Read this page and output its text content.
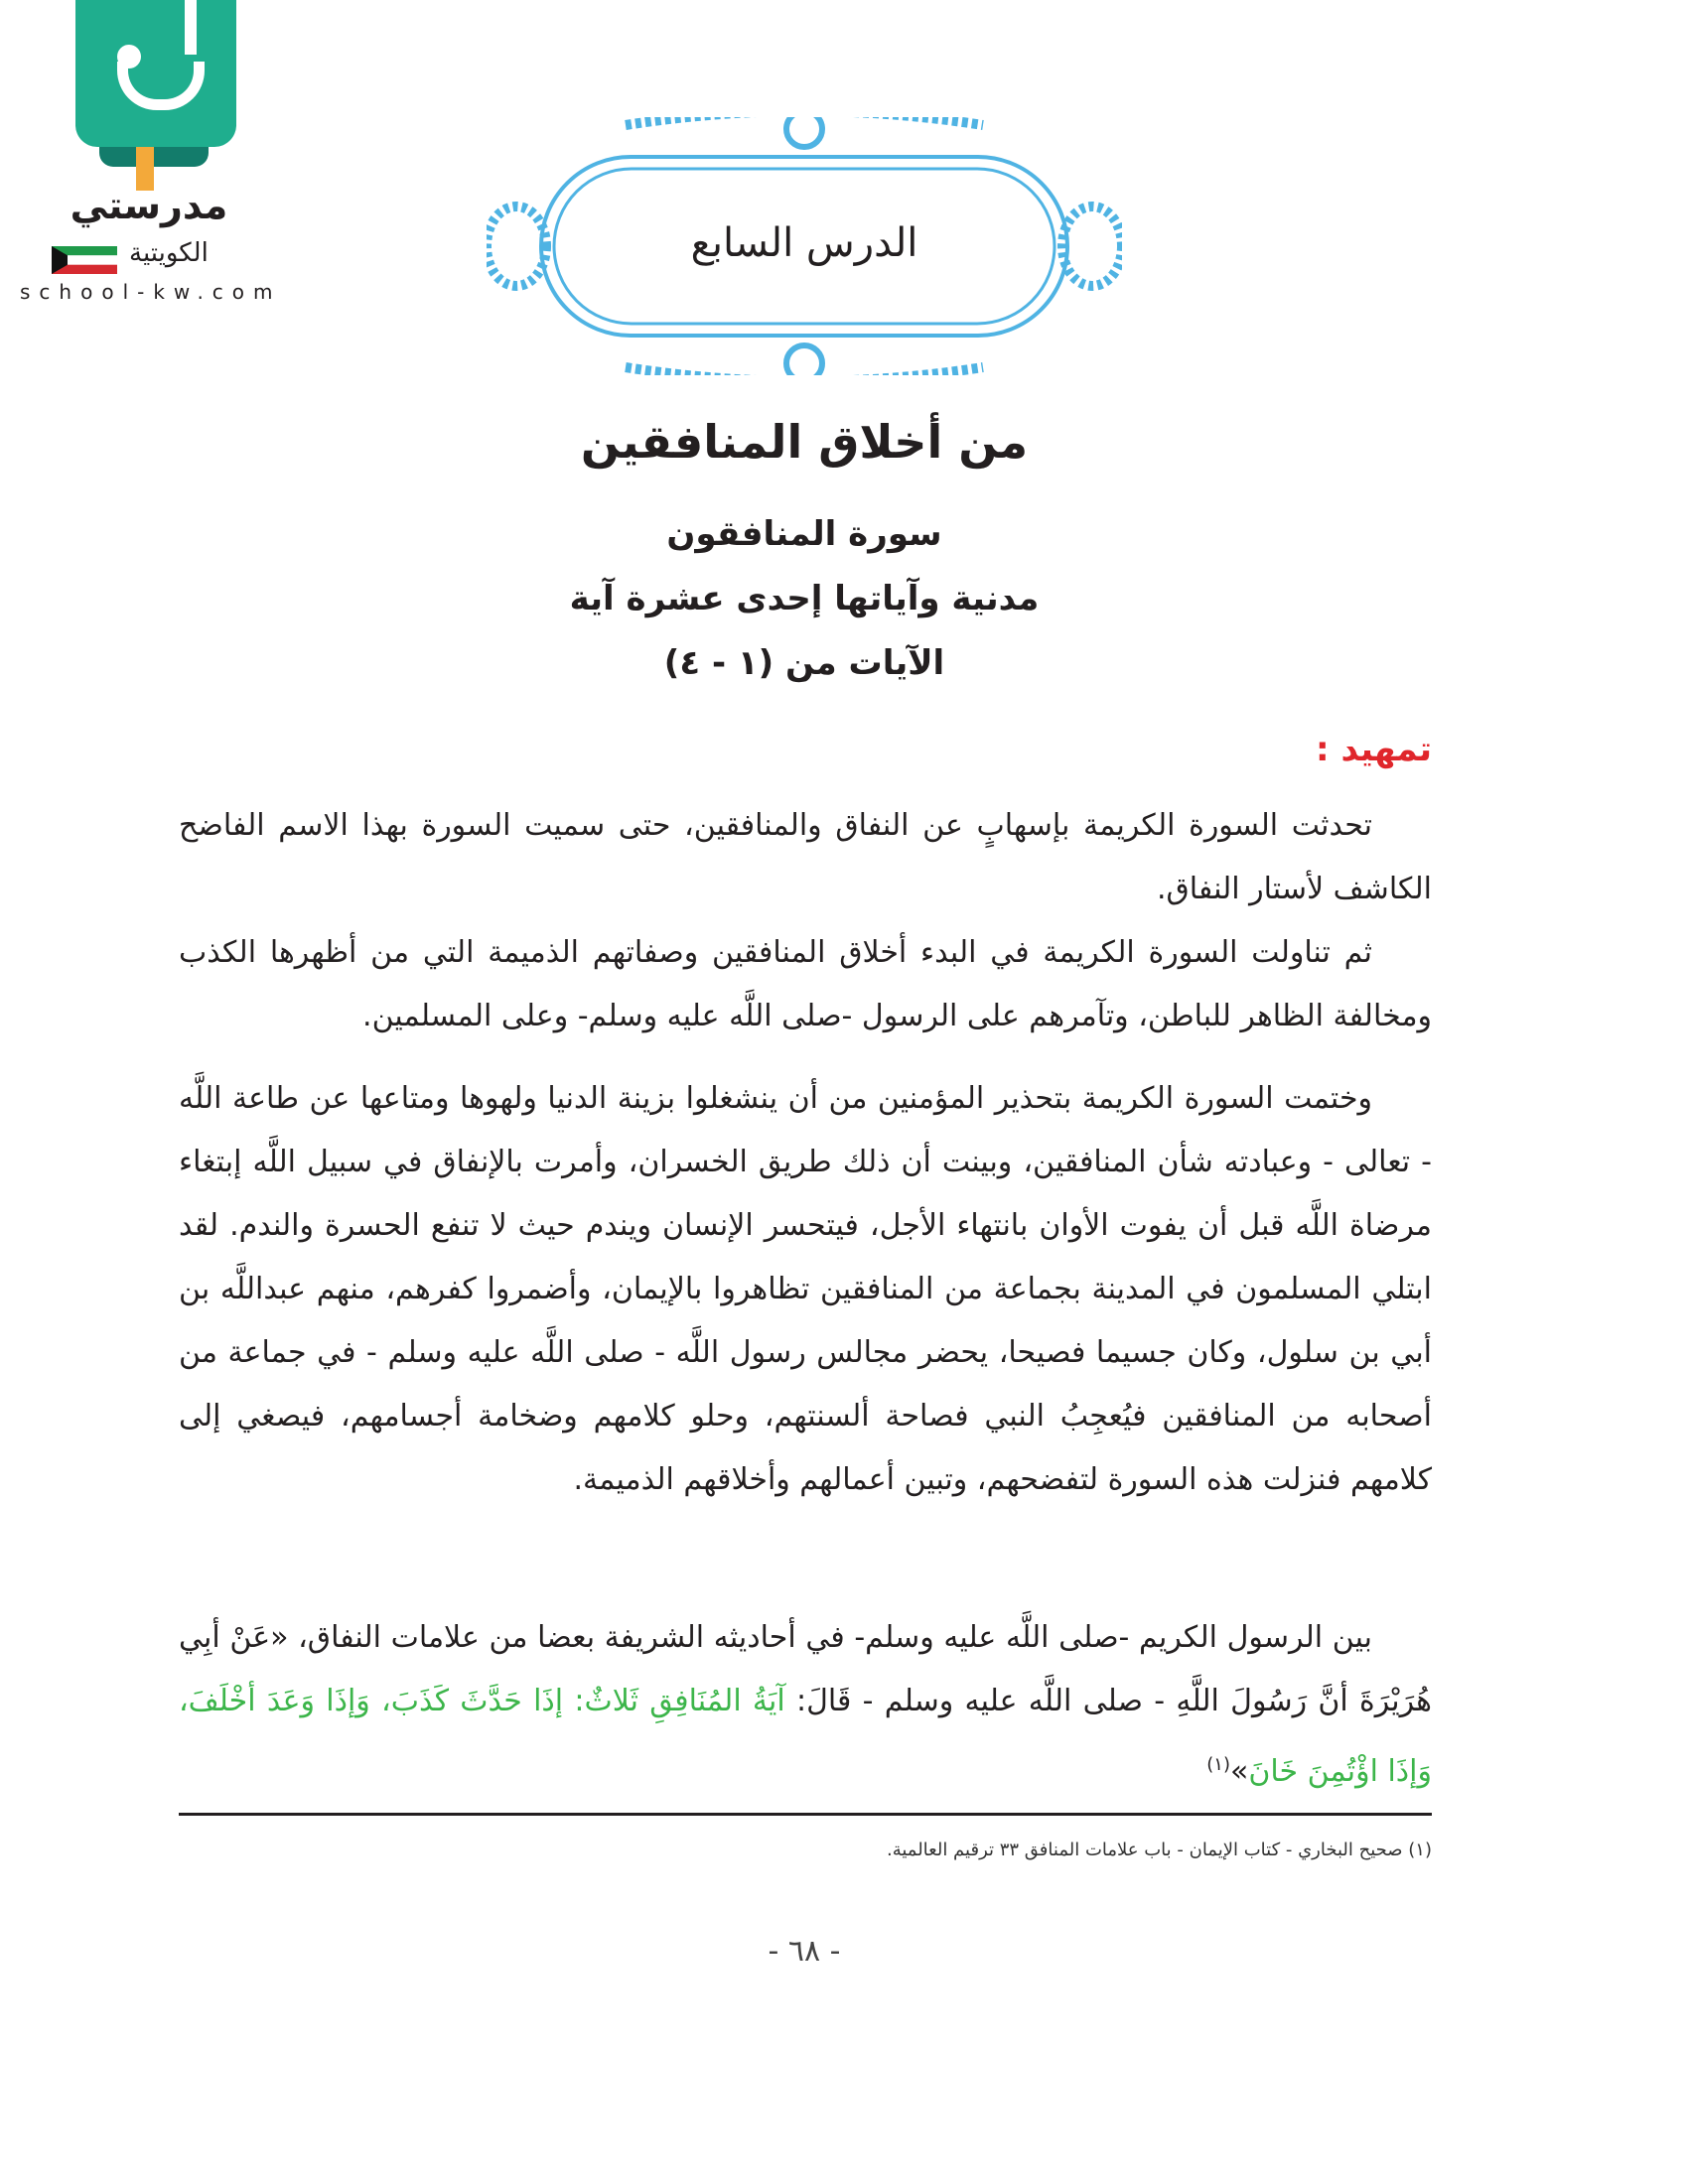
مدرستي
الكويتية
school-kw.com
الدرس السابع
من أخلاق المنافقين
سورة المنافقون
مدنية وآياتها إحدى عشرة آية
الآيات من (١ - ٤)
تمهيد :
تحدثت السورة الكريمة بإسهابٍ عن النفاق والمنافقين، حتى سميت السورة بهذا الاسم الفاضح الكاشف لأستار النفاق.
ثم تناولت السورة الكريمة في البدء أخلاق المنافقين وصفاتهم الذميمة التي من أظهرها الكذب ومخالفة الظاهر للباطن، وتآمرهم على الرسول -صلى اللَّه عليه وسلم- وعلى المسلمين.
وختمت السورة الكريمة بتحذير المؤمنين من أن ينشغلوا بزينة الدنيا ولهوها ومتاعها عن طاعة اللَّه - تعالى - وعبادته شأن المنافقين، وبينت أن ذلك طريق الخسران، وأمرت بالإنفاق في سبيل اللَّه إبتغاء مرضاة اللَّه قبل أن يفوت الأوان بانتهاء الأجل، فيتحسر الإنسان ويندم حيث لا تنفع الحسرة والندم. لقد ابتلي المسلمون في المدينة بجماعة من المنافقين تظاهروا بالإيمان، وأضمروا كفرهم، منهم عبداللَّه بن أبي بن سلول، وكان جسيما فصيحا، يحضر مجالس رسول اللَّه - صلى اللَّه عليه وسلم - في جماعة من أصحابه من المنافقين فيُعجِبُ النبي فصاحة ألسنتهم، وحلو كلامهم وضخامة أجسامهم، فيصغي إلى كلامهم فنزلت هذه السورة لتفضحهم، وتبين أعمالهم وأخلاقهم الذميمة.
بين الرسول الكريم -صلى اللَّه عليه وسلم- في أحاديثه الشريفة بعضا من علامات النفاق، «عَنْ أبِي هُرَيْرَةَ أنَّ رَسُولَ اللَّهِ - صلى اللَّه عليه وسلم - قَالَ: آيَةُ المُنَافِقِ ثَلاثٌ: إذَا حَدَّثَ كَذَبَ، وَإذَا وَعَدَ أخْلَفَ، وَإذَا اؤْتُمِنَ خَانَ»$^{(١)}$
(١) صحيح البخاري - كتاب الإيمان - باب علامات المنافق ٣٣ ترقيم العالمية.
- ٦٨ -
